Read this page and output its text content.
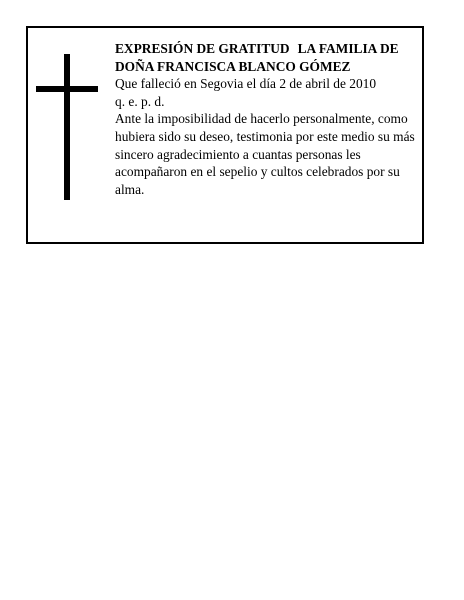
EXPRESIÓN DE GRATITUD LA FAMILIA DE
DOÑA FRANCISCA BLANCO GÓMEZ
Que falleció en Segovia el día 2 de abril de 2010
q. e. p. d.

Ante la imposibilidad de hacerlo personalmente, como hubiera sido su deseo, testimonia por este medio su más sincero agradecimiento a cuantas personas les acompañaron en el sepelio y cultos celebrados por su alma.
